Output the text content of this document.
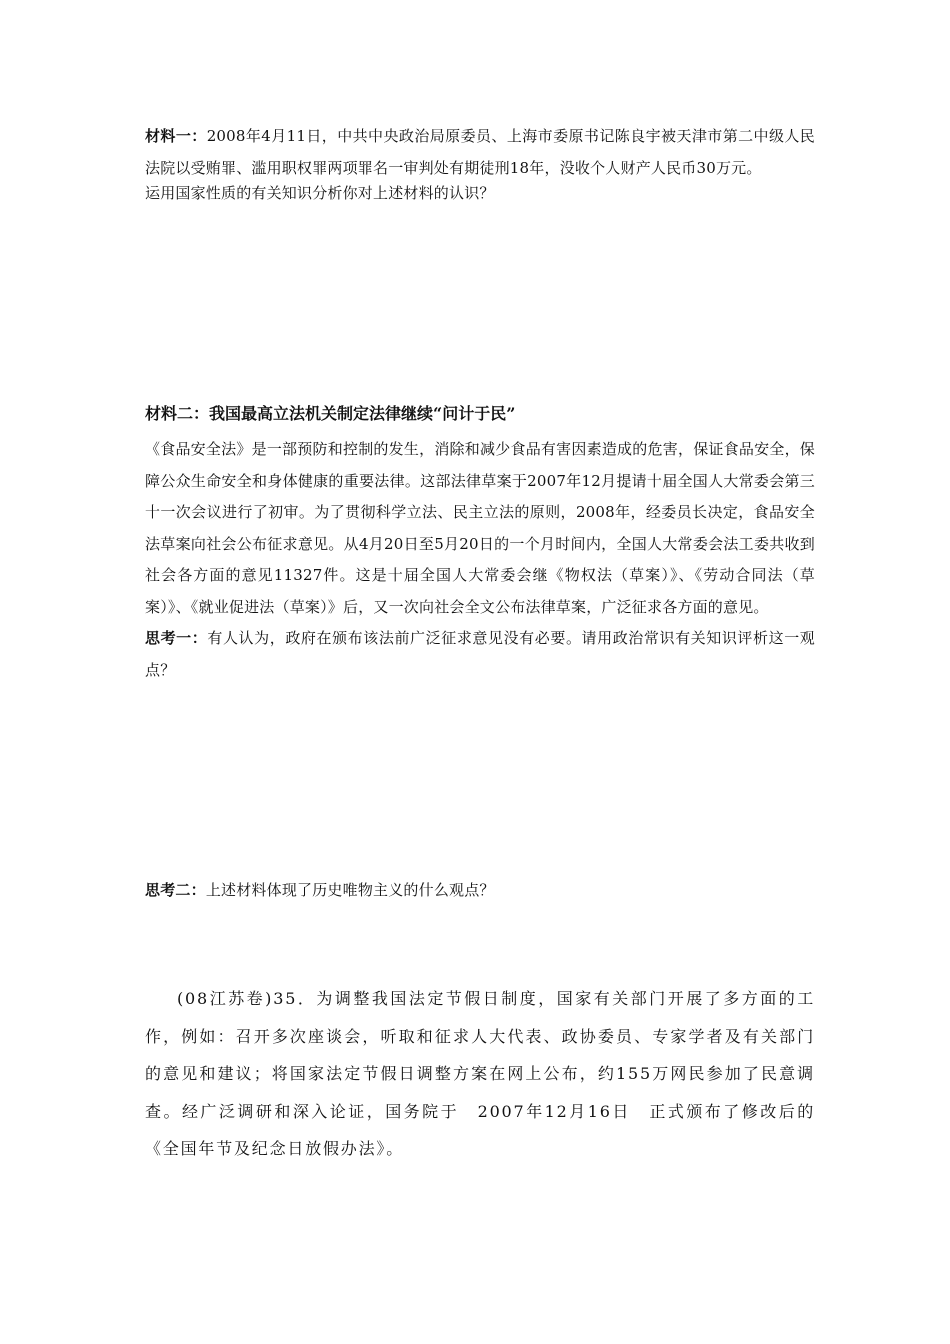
材料一：2008年4月11日，中共中央政治局原委员、上海市委原书记陈良宇被天津市第二中级人民法院以受贿罪、滥用职权罪两项罪名一审判处有期徒刑18年，没收个人财产人民币30万元。

运用国家性质的有关知识分析你对上述材料的认识？

材料二：我国最高立法机关制定法律继续“问计于民”

《食品安全法》是一部预防和控制的发生，消除和减少食品有害因素造成的危害，保证食品安全，保障公众生命安全和身体健康的重要法律。这部法律草案于2007年12月提请十届全国人大常委会第三十一次会议进行了初审。为了贯彻科学立法、民主立法的原则，2008年，经委员长决定，食品安全法草案向社会公布征求意见。从4月20日至5月20日的一个月时间内，全国人大常委会法工委共收到社会各方面的意见11327件。这是十届全国人大常委会继《物权法（草案）》、《劳动合同法（草案）》、《就业促进法（草案）》后，又一次向社会全文公布法律草案，广泛征求各方面的意见。

思考一：有人认为，政府在颁布该法前广泛征求意见没有必要。请用政治常识有关知识评析这一观点？

思考二：上述材料体现了历史唯物主义的什么观点？

(08江苏卷)35．为调整我国法定节假日制度，国家有关部门开展了多方面的工作，例如：召开多次座谈会，听取和征求人大代表、政协委员、专家学者及有关部门的意见和建议；将国家法定节假日调整方案在网上公布，约155万网民参加了民意调查。经广泛调研和深入论证，国务院于　2007年12月16日　正式颁布了修改后的《全国年节及纪念日放假办法》。
